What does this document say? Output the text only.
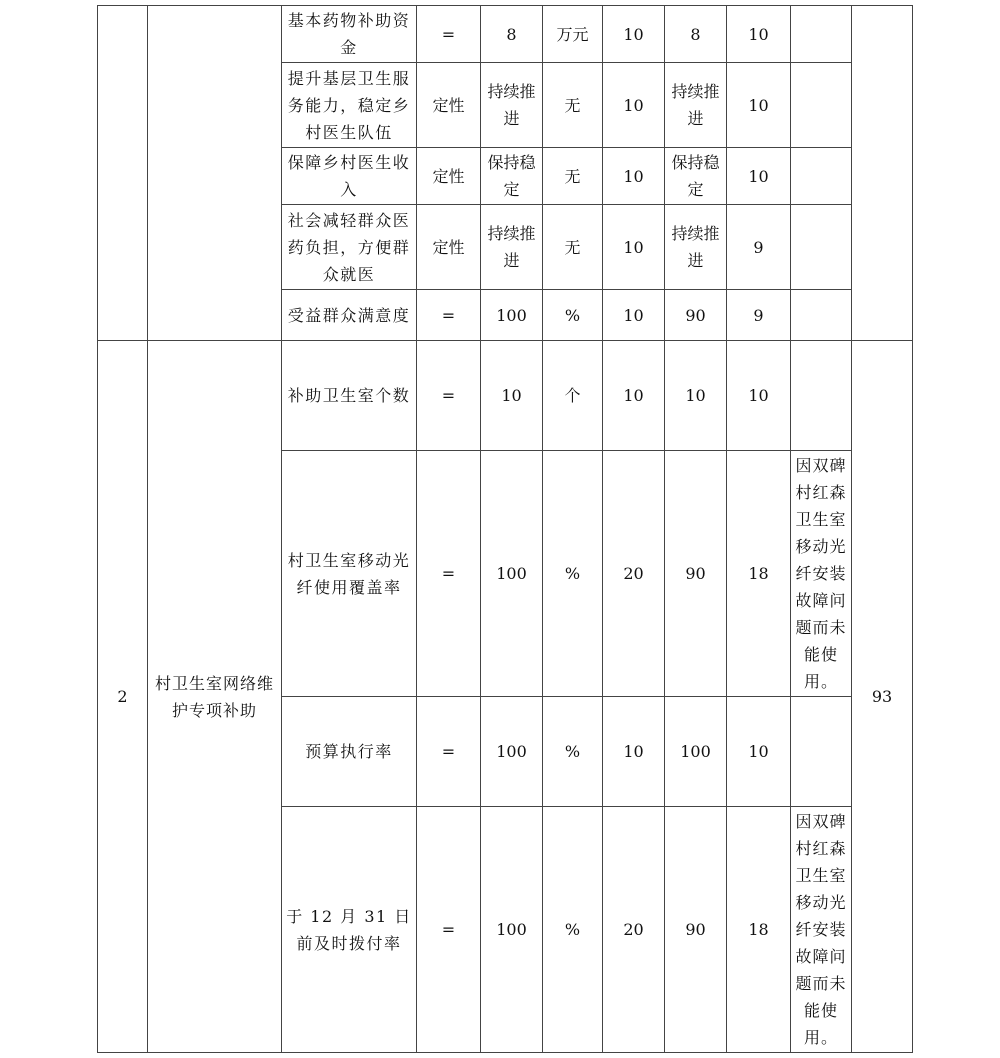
		基本药物补助资金	=	8	万元	10	8	10		
		提升基层卫生服务能力，稳定乡村医生队伍	定性	持续推进	无	10	持续推进	10		
		保障乡村医生收入	定性	保持稳定	无	10	保持稳定	10		
		社会减轻群众医药负担，方便群众就医	定性	持续推进	无	10	持续推进	9		
		受益群众满意度	=	100	%	10	90	9		
2	村卫生室网络维护专项补助	补助卫生室个数	=	10	个	10	10	10		93
		村卫生室移动光纤使用覆盖率	=	100	%	20	90	18	因双碑村红森卫生室移动光纤安装故障问题而未能使用。	
		预算执行率	=	100	%	10	100	10		
		于 12 月 31 日前及时拨付率	=	100	%	20	90	18	因双碑村红森卫生室移动光纤安装故障问题而未能使用。	
